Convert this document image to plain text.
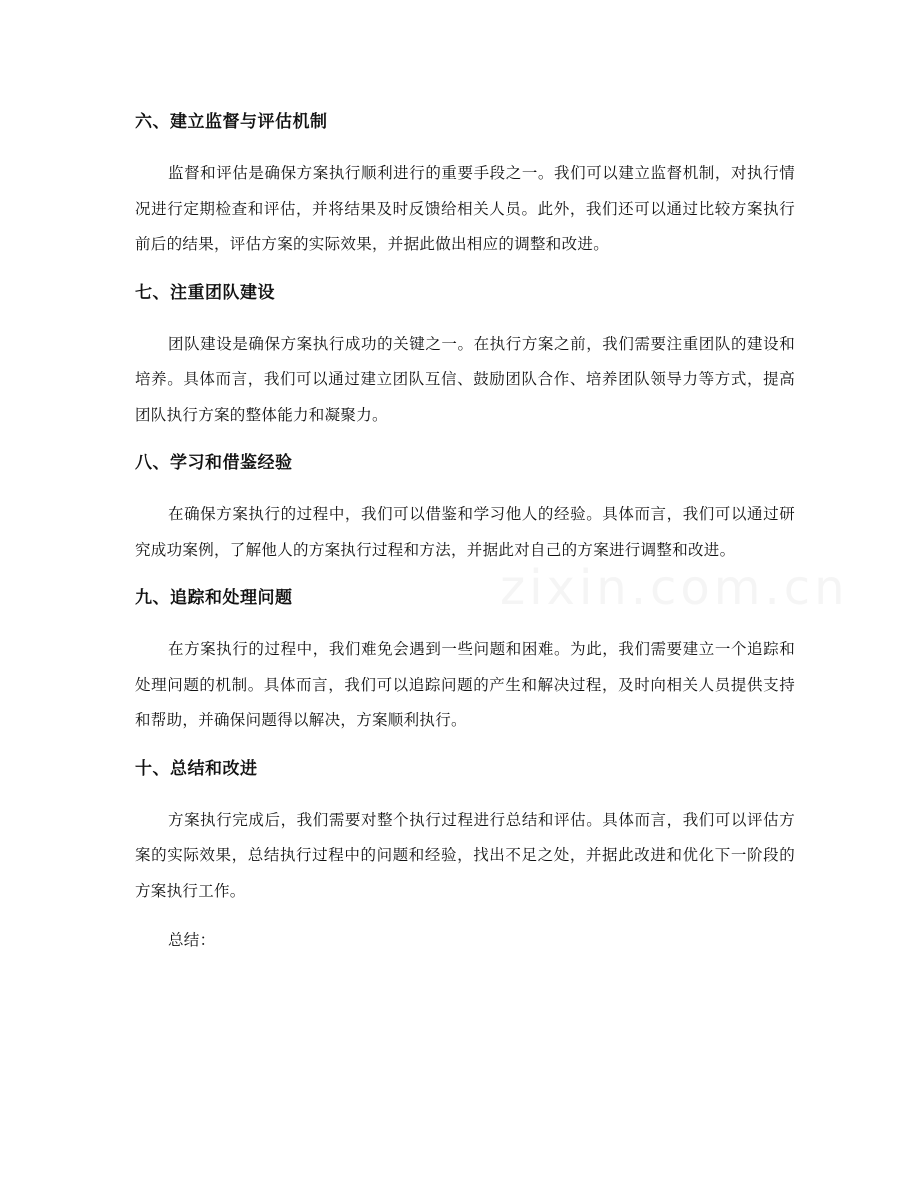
zixin.com.cn
六、建立监督与评估机制

监督和评估是确保方案执行顺利进行的重要手段之一。我们可以建立监督机制，对执行情况进行定期检查和评估，并将结果及时反馈给相关人员。此外，我们还可以通过比较方案执行前后的结果，评估方案的实际效果，并据此做出相应的调整和改进。

七、注重团队建设

团队建设是确保方案执行成功的关键之一。在执行方案之前，我们需要注重团队的建设和培养。具体而言，我们可以通过建立团队互信、鼓励团队合作、培养团队领导力等方式，提高团队执行方案的整体能力和凝聚力。

八、学习和借鉴经验

在确保方案执行的过程中，我们可以借鉴和学习他人的经验。具体而言，我们可以通过研究成功案例，了解他人的方案执行过程和方法，并据此对自己的方案进行调整和改进。

九、追踪和处理问题

在方案执行的过程中，我们难免会遇到一些问题和困难。为此，我们需要建立一个追踪和处理问题的机制。具体而言，我们可以追踪问题的产生和解决过程，及时向相关人员提供支持和帮助，并确保问题得以解决，方案顺利执行。

十、总结和改进

方案执行完成后，我们需要对整个执行过程进行总结和评估。具体而言，我们可以评估方案的实际效果，总结执行过程中的问题和经验，找出不足之处，并据此改进和优化下一阶段的方案执行工作。

总结：
